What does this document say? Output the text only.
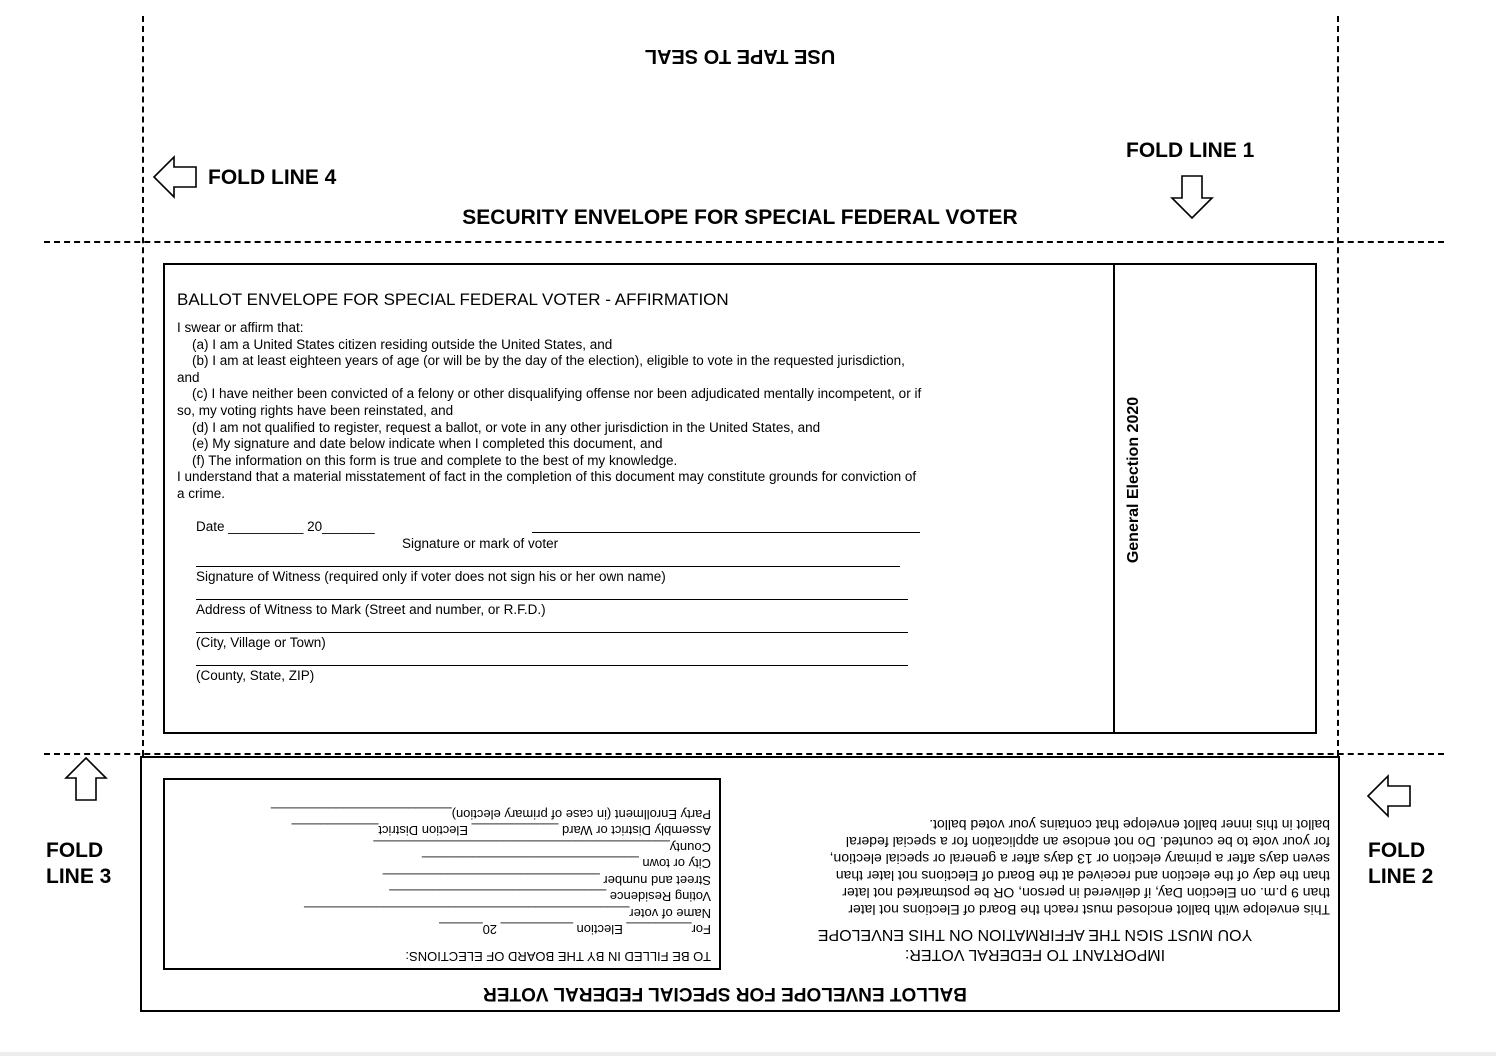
USE TAPE TO SEAL
FOLD LINE 4
FOLD LINE 1
SECURITY ENVELOPE FOR SPECIAL FEDERAL VOTER
BALLOT ENVELOPE FOR SPECIAL FEDERAL VOTER - AFFIRMATION
I swear or affirm that:
(a) I am a United States citizen residing outside the United States, and
(b) I am at least eighteen years of age (or will be by the day of the election), eligible to vote in the requested jurisdiction,
and
(c) I have neither been convicted of a felony or other disqualifying offense nor been adjudicated mentally incompetent, or if
so, my voting rights have been reinstated, and
(d) I am not qualified to register, request a ballot, or vote in any other jurisdiction in the United States, and
(e) My signature and date below indicate when I completed this document, and
(f) The information on this form is true and complete to the best of my knowledge.
I understand that a material misstatement of fact in the completion of this document may constitute grounds for conviction of
a crime.
Date __________ 20_______
Signature or mark of voter
Signature of Witness (required only if voter does not sign his or her own name)
Address of Witness to Mark (Street and number, or R.F.D.)
(City, Village or Town)
(County, State, ZIP)
General Election 2020
FOLD
LINE 3
FOLD
LINE 2
TO BE FILLED IN BY THE BOARD OF ELECTIONS:
For_________ Election __________ 20______
Name of voter_____________________________________________
Voting Residence ______________________________
Street and number ______________________________
City or town ______________________________
County_________________________________________
Assembly District or Ward ____________ Election District____________
Party Enrollment (in case of primary election)_________________________
IMPORTANT TO FEDERAL VOTER:
YOU MUST SIGN THE AFFIRMATION ON THIS ENVELOPE
This envelope with ballot enclosed must reach the Board of Elections not later
than 9 p.m. on Election Day, if delivered in person, OR be postmarked not later
than the day of the election and received at the Board of Elections not later than
seven days after a primary election or 13 days after a general or special election,
for your vote to be counted. Do not enclose an application for a special federal
ballot in this inner ballot envelope that contains your voted ballot.
BALLOT ENVELOPE FOR SPECIAL FEDERAL VOTER
